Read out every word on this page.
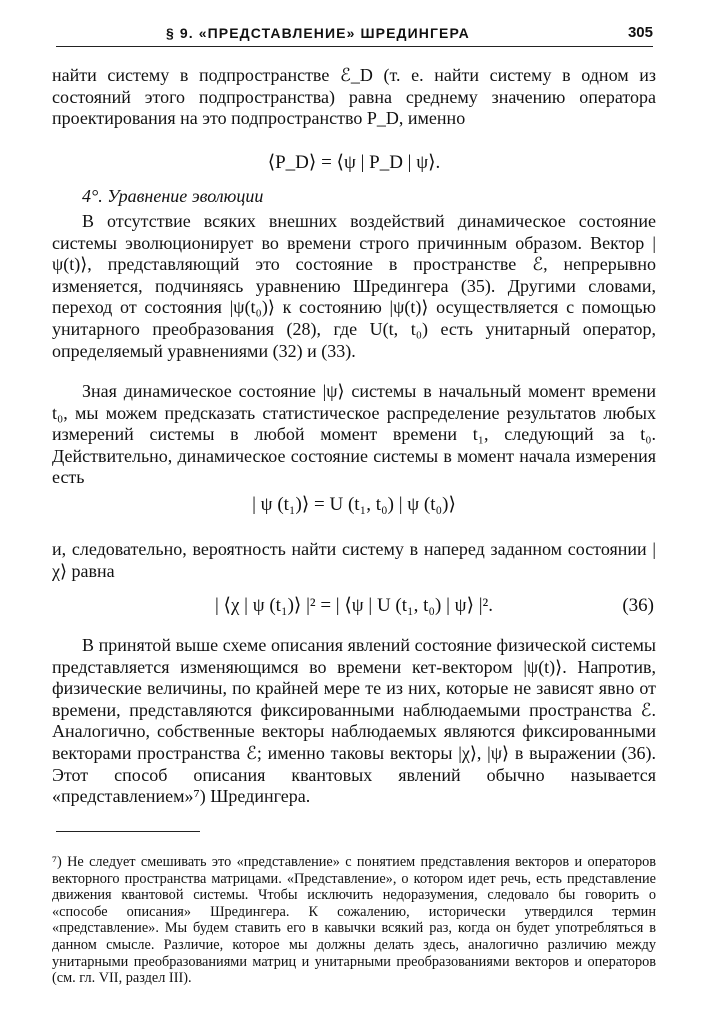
§ 9. «ПРЕДСТАВЛЕНИЕ» ШРЕДИНГЕРА	305
найти систему в подпространстве ℰ_D (т. е. найти систему в одном из состояний этого подпространства) равна среднему значению оператора проектирования на это подпространство P_D, именно
⟨P_D⟩ = ⟨ψ | P_D | ψ⟩.
4°. Уравнение эволюции
В отсутствие всяких внешних воздействий динамическое состояние системы эволюционирует во времени строго причинным образом. Вектор |ψ(t)⟩, представляющий это состояние в пространстве ℰ, непрерывно изменяется, подчиняясь уравнению Шредингера (35). Другими словами, переход от состояния |ψ(t₀)⟩ к состоянию |ψ(t)⟩ осуществляется с помощью унитарного преобразования (28), где U(t, t₀) есть унитарный оператор, определяемый уравнениями (32) и (33).
Зная динамическое состояние |ψ⟩ системы в начальный момент времени t₀, мы можем предсказать статистическое распределение результатов любых измерений системы в любой момент времени t₁, следующий за t₀. Действительно, динамическое состояние системы в момент начала измерения есть
| ψ (t₁)⟩ = U (t₁, t₀) | ψ (t₀)⟩
и, следовательно, вероятность найти систему в наперед заданном состоянии |χ⟩ равна
| ⟨χ | ψ (t₁)⟩ |² = | ⟨ψ | U (t₁, t₀) | ψ⟩ |².	(36)
В принятой выше схеме описания явлений состояние физической системы представляется изменяющимся во времени кет-вектором |ψ(t)⟩. Напротив, физические величины, по крайней мере те из них, которые не зависят явно от времени, представляются фиксированными наблюдаемыми пространства ℰ. Аналогично, собственные векторы наблюдаемых являются фиксированными векторами пространства ℰ; именно таковы векторы |χ⟩, |ψ⟩ в выражении (36). Этот способ описания квантовых явлений обычно называется «представлением»⁷) Шредингера.
⁷) Не следует смешивать это «представление» с понятием представления векторов и операторов векторного пространства матрицами. «Представление», о котором идет речь, есть представление движения квантовой системы. Чтобы исключить недоразумения, следовало бы говорить о «способе описания» Шредингера. К сожалению, исторически утвердился термин «представление». Мы будем ставить его в кавычки всякий раз, когда он будет употребляться в данном смысле. Различие, которое мы должны делать здесь, аналогично различию между унитарными преобразованиями матриц и унитарными преобразованиями векторов и операторов (см. гл. VII, раздел III).
